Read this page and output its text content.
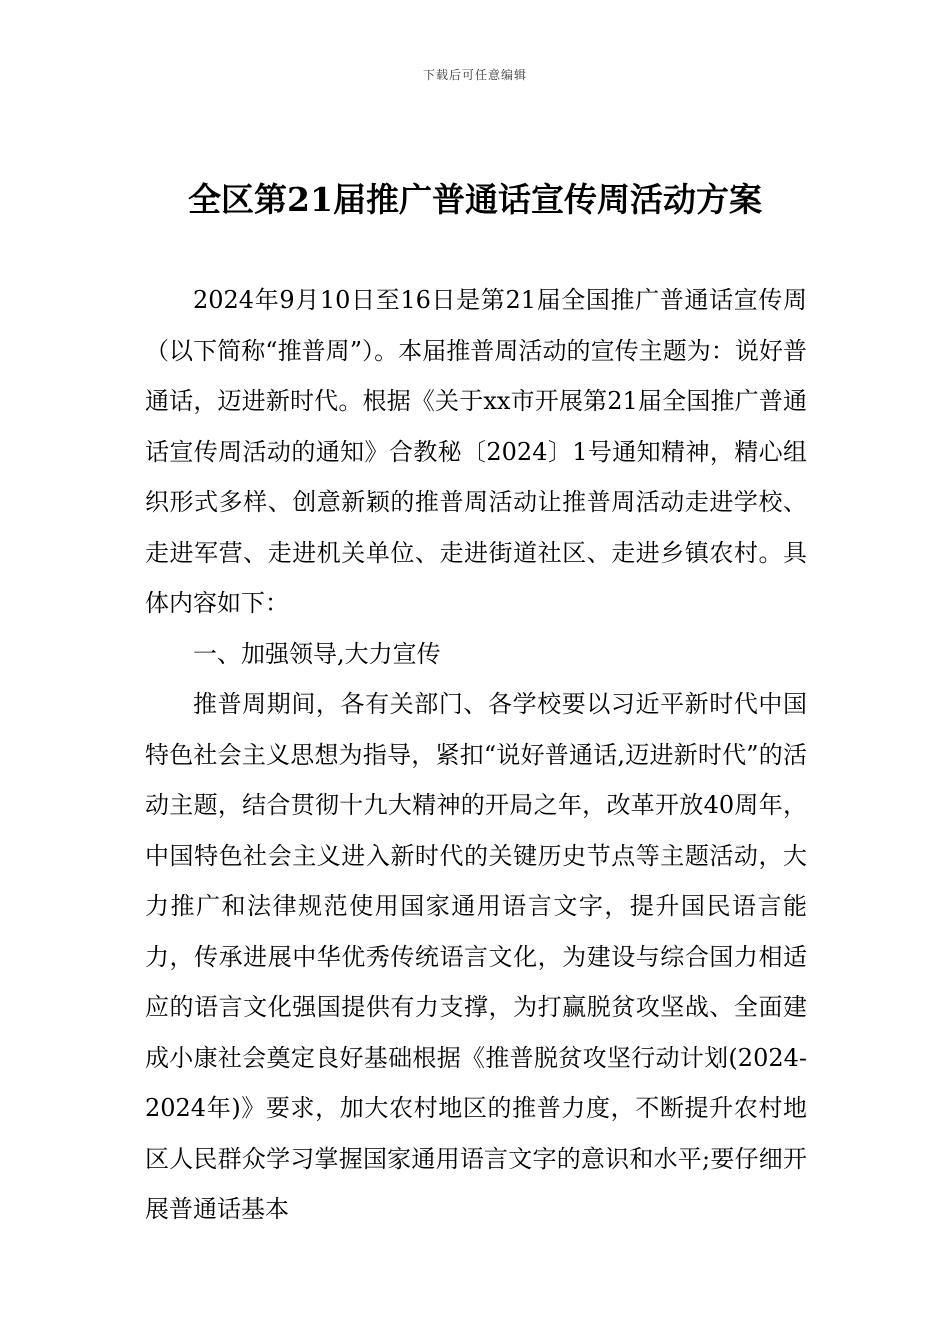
下载后可任意编辑
全区第21届推广普通话宣传周活动方案

2024年9月10日至16日是第21届全国推广普通话宣传周（以下简称“推普周”）。本届推普周活动的宣传主题为：说好普通话，迈进新时代。根据《关于xx市开展第21届全国推广普通话宣传周活动的通知》合教秘〔2024〕1号通知精神，精心组织形式多样、创意新颖的推普周活动让推普周活动走进学校、走进军营、走进机关单位、走进街道社区、走进乡镇农村。具体内容如下：

一、加强领导,大力宣传

推普周期间，各有关部门、各学校要以习近平新时代中国特色社会主义思想为指导，紧扣“说好普通话,迈进新时代”的活动主题，结合贯彻十九大精神的开局之年，改革开放40周年，中国特色社会主义进入新时代的关键历史节点等主题活动，大力推广和法律规范使用国家通用语言文字，提升国民语言能力，传承进展中华优秀传统语言文化，为建设与综合国力相适应的语言文化强国提供有力支撑，为打赢脱贫攻坚战、全面建成小康社会奠定良好基础根据《推普脱贫攻坚行动计划(2024-2024年)》要求，加大农村地区的推普力度，不断提升农村地区人民群众学习掌握国家通用语言文字的意识和水平;要仔细开展普通话基本
